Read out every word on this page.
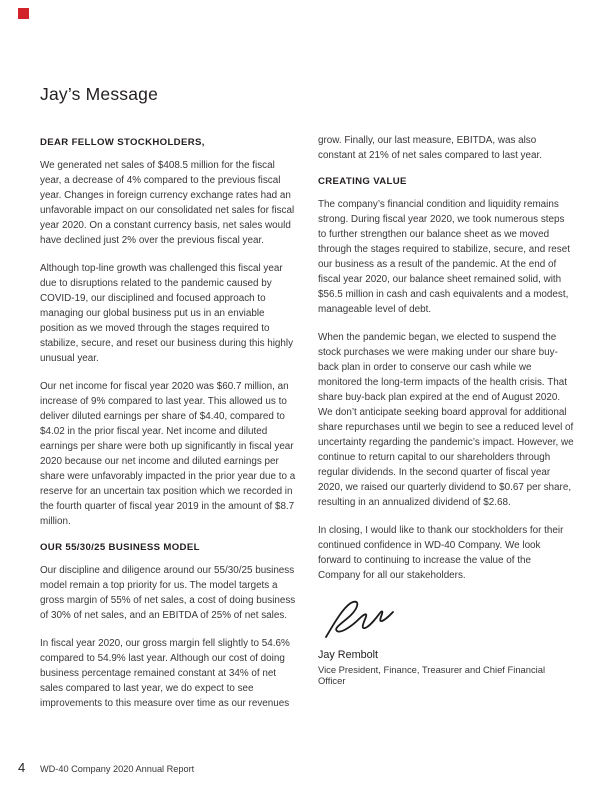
Jay’s Message
DEAR FELLOW STOCKHOLDERS,

We generated net sales of $408.5 million for the fiscal year, a decrease of 4% compared to the previous fiscal year. Changes in foreign currency exchange rates had an unfavorable impact on our consolidated net sales for fiscal year 2020. On a constant currency basis, net sales would have declined just 2% over the previous fiscal year.

Although top-line growth was challenged this fiscal year due to disruptions related to the pandemic caused by COVID-19, our disciplined and focused approach to managing our global business put us in an enviable position as we moved through the stages required to stabilize, secure, and reset our business during this highly unusual year.

Our net income for fiscal year 2020 was $60.7 million, an increase of 9% compared to last year. This allowed us to deliver diluted earnings per share of $4.40, compared to $4.02 in the prior fiscal year. Net income and diluted earnings per share were both up significantly in fiscal year 2020 because our net income and diluted earnings per share were unfavorably impacted in the prior year due to a reserve for an uncertain tax position which we recorded in the fourth quarter of fiscal year 2019 in the amount of $8.7 million.

OUR 55/30/25 BUSINESS MODEL

Our discipline and diligence around our 55/30/25 business model remain a top priority for us. The model targets a gross margin of 55% of net sales, a cost of doing business of 30% of net sales, and an EBITDA of 25% of net sales.

In fiscal year 2020, our gross margin fell slightly to 54.6% compared to 54.9% last year. Although our cost of doing business percentage remained constant at 34% of net sales compared to last year, we do expect to see improvements to this measure over time as our revenues

grow. Finally, our last measure, EBITDA, was also constant at 21% of net sales compared to last year.

CREATING VALUE

The company’s financial condition and liquidity remains strong. During fiscal year 2020, we took numerous steps to further strengthen our balance sheet as we moved through the stages required to stabilize, secure, and reset our business as a result of the pandemic. At the end of fiscal year 2020, our balance sheet remained solid, with $56.5 million in cash and cash equivalents and a modest, manageable level of debt.

When the pandemic began, we elected to suspend the stock purchases we were making under our share buy-back plan in order to conserve our cash while we monitored the long-term impacts of the health crisis. That share buy-back plan expired at the end of August 2020. We don’t anticipate seeking board approval for additional share repurchases until we begin to see a reduced level of uncertainty regarding the pandemic’s impact. However, we continue to return capital to our shareholders through regular dividends. In the second quarter of fiscal year 2020, we raised our quarterly dividend to $0.67 per share, resulting in an annualized dividend of $2.68.

In closing, I would like to thank our stockholders for their continued confidence in WD-40 Company. We look forward to continuing to increase the value of the Company for all our stakeholders.

Jay Rembolt
Vice President, Finance, Treasurer and Chief Financial Officer
4 WD-40 Company 2020 Annual Report
